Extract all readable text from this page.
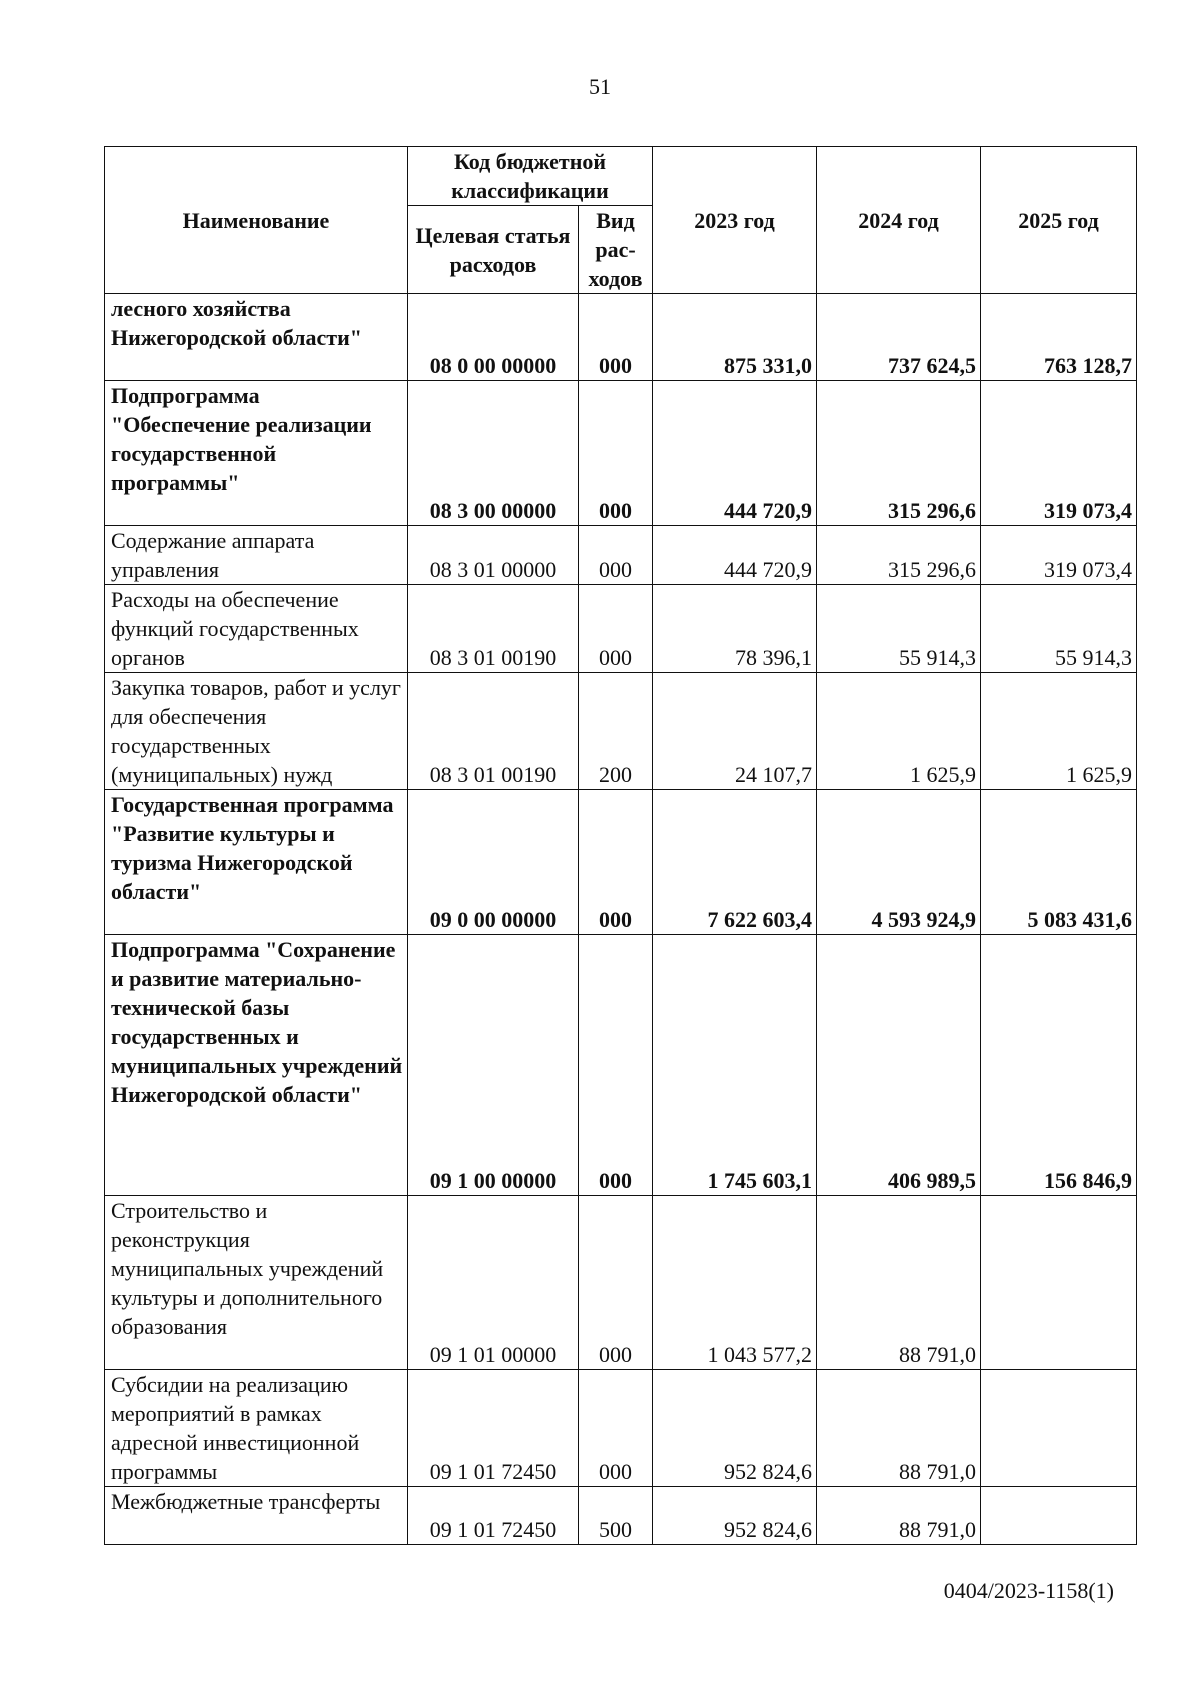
51
Наименование	Код бюджетной классификации		2023 год	2024 год	2025 год
	Целевая статья расходов	Вид рас- ходов			
лесного хозяйства Нижегородской области"	08 0 00 00000	000	875 331,0	737 624,5	763 128,7
Подпрограмма "Обеспечение реализации государственной программы"	08 3 00 00000	000	444 720,9	315 296,6	319 073,4
Содержание аппарата управления	08 3 01 00000	000	444 720,9	315 296,6	319 073,4
Расходы на обеспечение функций государственных органов	08 3 01 00190	000	78 396,1	55 914,3	55 914,3
Закупка товаров, работ и услуг для обеспечения государственных (муниципальных) нужд	08 3 01 00190	200	24 107,7	1 625,9	1 625,9
Государственная программа "Развитие культуры и туризма Нижегородской области"	09 0 00 00000	000	7 622 603,4	4 593 924,9	5 083 431,6
Подпрограмма "Сохранение и развитие материально-технической базы государственных и муниципальных учреждений Нижегородской области"	09 1 00 00000	000	1 745 603,1	406 989,5	156 846,9
Строительство и реконструкция муниципальных учреждений культуры и дополнительного образования	09 1 01 00000	000	1 043 577,2	88 791,0	
Субсидии на реализацию мероприятий в рамках адресной инвестиционной программы	09 1 01 72450	000	952 824,6	88 791,0	
Межбюджетные трансферты	09 1 01 72450	500	952 824,6	88 791,0	
0404/2023-1158(1)
